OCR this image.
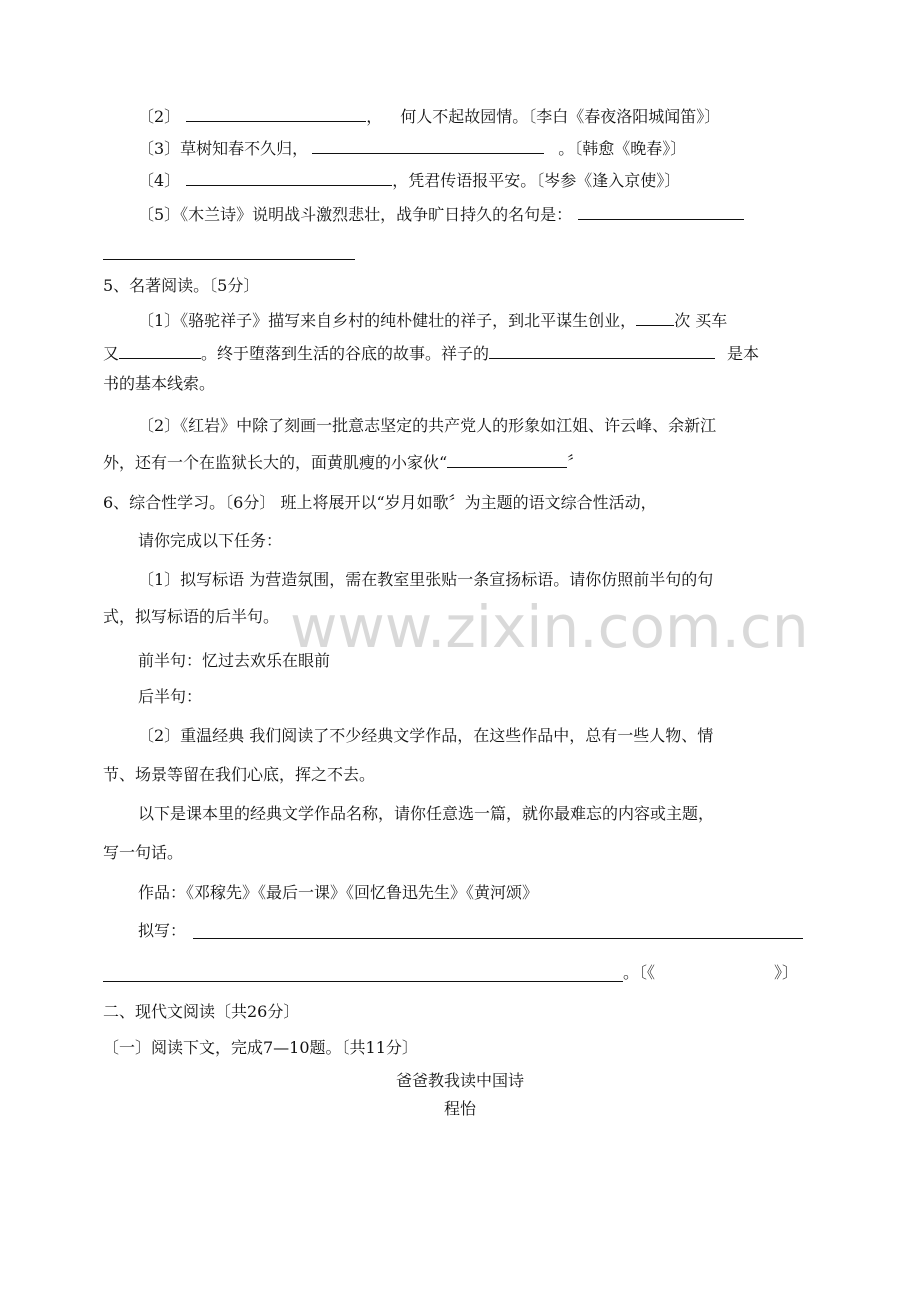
www.zixin.com.cn
〔2〕	， 何人不起故园情。〔李白《春夜洛阳城闻笛》〕
〔3〕草树知春不久归，	。〔韩愈《晚春》〕
〔4〕	，凭君传语报平安。〔岑参《逢入京使》〕
〔5〕《木兰诗》说明战斗激烈悲壮，战争旷日持久的名句是：
5、名著阅读。〔5分〕
〔1〕《骆驼祥子》描写来自乡村的纯朴健壮的祥子，到北平谋生创业， 次 买车
又	。终于堕落到生活的谷底的故事。祥子的	是本
书的基本线索。
〔2〕《红岩》中除了刻画一批意志坚定的共产党人的形象如江姐、许云峰、余新江
外，还有一个在监狱长大的，面黄肌瘦的小家伙“	〞
6、综合性学习。〔6分〕 班上将展开以“岁月如歌〞为主题的语文综合性活动，
请你完成以下任务：
〔1〕拟写标语 为营造氛围，需在教室里张贴一条宣扬标语。请你仿照前半句的句
式，拟写标语的后半句。
前半句：忆过去欢乐在眼前
后半句：
〔2〕重温经典 我们阅读了不少经典文学作品，在这些作品中，总有一些人物、情
节、场景等留在我们心底，挥之不去。
以下是课本里的经典文学作品名称，请你任意选一篇，就你最难忘的内容或主题，
写一句话。
作品：《邓稼先》《最后一课》《回忆鲁迅先生》《黄河颂》
拟写：
。〔《	》〕
二、现代文阅读〔共26分〕
〔一〕阅读下文，完成7—10题。〔共11分〕
爸爸教我读中国诗
程怡
